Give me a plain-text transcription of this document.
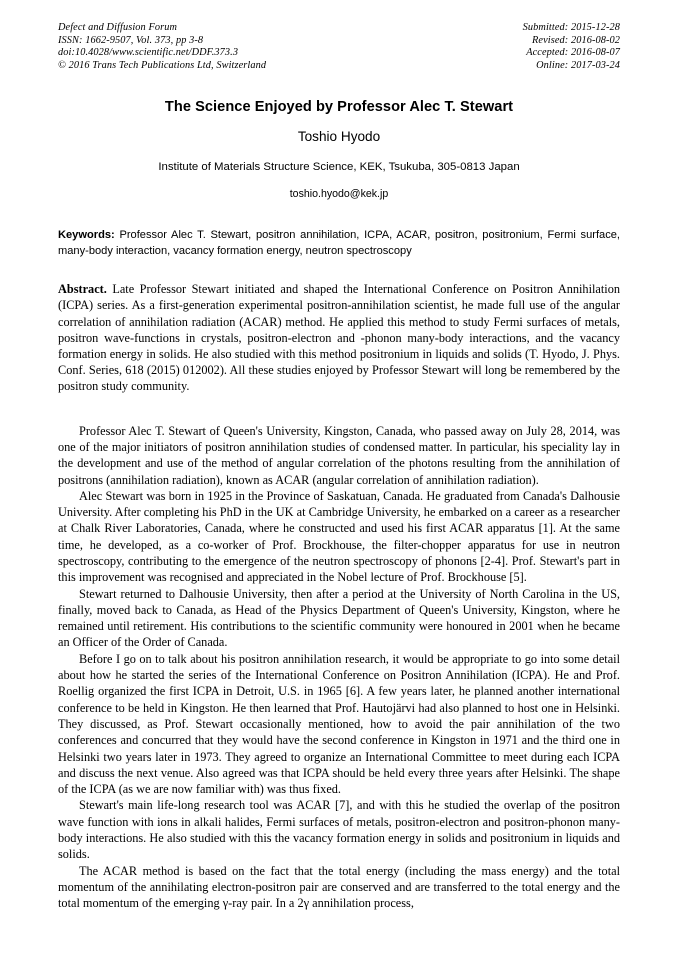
Defect and Diffusion Forum
ISSN: 1662-9507, Vol. 373, pp 3-8
doi:10.4028/www.scientific.net/DDF.373.3
© 2016 Trans Tech Publications Ltd, Switzerland
Submitted: 2015-12-28
Revised: 2016-08-02
Accepted: 2016-08-07
Online: 2017-03-24
The Science Enjoyed by Professor Alec T. Stewart
Toshio Hyodo
Institute of Materials Structure Science, KEK, Tsukuba, 305-0813 Japan
toshio.hyodo@kek.jp
Keywords: Professor Alec T. Stewart, positron annihilation, ICPA, ACAR, positron, positronium, Fermi surface, many-body interaction, vacancy formation energy, neutron spectroscopy
Abstract. Late Professor Stewart initiated and shaped the International Conference on Positron Annihilation (ICPA) series. As a first-generation experimental positron-annihilation scientist, he made full use of the angular correlation of annihilation radiation (ACAR) method. He applied this method to study Fermi surfaces of metals, positron wave-functions in crystals, positron-electron and -phonon many-body interactions, and the vacancy formation energy in solids. He also studied with this method positronium in liquids and solids (T. Hyodo, J. Phys. Conf. Series, 618 (2015) 012002). All these studies enjoyed by Professor Stewart will long be remembered by the positron study community.

Professor Alec T. Stewart of Queen's University, Kingston, Canada, who passed away on July 28, 2014, was one of the major initiators of positron annihilation studies of condensed matter. In particular, his speciality lay in the development and use of the method of angular correlation of the photons resulting from the annihilation of positrons (annihilation radiation), known as ACAR (angular correlation of annihilation radiation).

Alec Stewart was born in 1925 in the Province of Saskatuan, Canada. He graduated from Canada's Dalhousie University. After completing his PhD in the UK at Cambridge University, he embarked on a career as a researcher at Chalk River Laboratories, Canada, where he constructed and used his first ACAR apparatus [1]. At the same time, he developed, as a co-worker of Prof. Brockhouse, the filter-chopper apparatus for use in neutron spectroscopy, contributing to the emergence of the neutron spectroscopy of phonons [2-4]. Prof. Stewart's part in this improvement was recognised and appreciated in the Nobel lecture of Prof. Brockhouse [5].

Stewart returned to Dalhousie University, then after a period at the University of North Carolina in the US, finally, moved back to Canada, as Head of the Physics Department of Queen's University, Kingston, where he remained until retirement. His contributions to the scientific community were honoured in 2001 when he became an Officer of the Order of Canada.

Before I go on to talk about his positron annihilation research, it would be appropriate to go into some detail about how he started the series of the International Conference on Positron Annihilation (ICPA). He and Prof. Roellig organized the first ICPA in Detroit, U.S. in 1965 [6]. A few years later, he planned another international conference to be held in Kingston. He then learned that Prof. Hautojärvi had also planned to host one in Helsinki. They discussed, as Prof. Stewart occasionally mentioned, how to avoid the pair annihilation of the two conferences and concurred that they would have the second conference in Kingston in 1971 and the third one in Helsinki two years later in 1973. They agreed to organize an International Committee to meet during each ICPA and discuss the next venue. Also agreed was that ICPA should be held every three years after Helsinki. The shape of the ICPA (as we are now familiar with) was thus fixed.

Stewart's main life-long research tool was ACAR [7], and with this he studied the overlap of the positron wave function with ions in alkali halides, Fermi surfaces of metals, positron-electron and positron-phonon many-body interactions. He also studied with this the vacancy formation energy in solids and positronium in liquids and solids.

The ACAR method is based on the fact that the total energy (including the mass energy) and the total momentum of the annihilating electron-positron pair are conserved and are transferred to the total energy and the total momentum of the emerging γ-ray pair. In a 2γ annihilation process,
